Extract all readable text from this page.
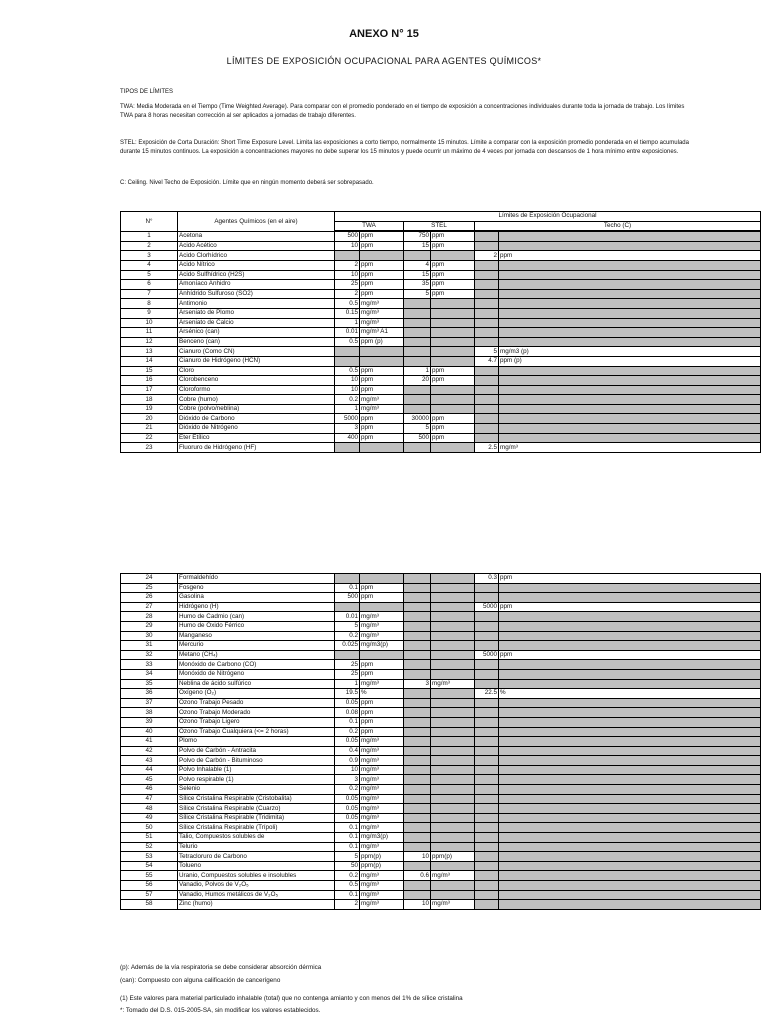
ANEXO N° 15
LÍMITES DE EXPOSICIÓN OCUPACIONAL PARA AGENTES QUÍMICOS*
TIPOS DE LÍMITES
TWA: Media Moderada en el Tiempo (Time Weighted Average). Para comparar con el promedio ponderado en el tiempo de exposición a concentraciones individuales durante toda la jornada de trabajo. Los límites TWA para 8 horas necesitan corrección al ser aplicados a jornadas de trabajo diferentes.
STEL: Exposición de Corta Duración: Short Time Exposure Level. Limita las exposiciones a corto tiempo, normalmente 15 minutos. Límite a comparar con la exposición promedio ponderada en el tiempo acumulada durante 15 minutos continuos. La exposición a concentraciones mayores no debe superar los 15 minutos y puede ocurrir un máximo de 4 veces por jornada con descansos de 1 hora mínimo entre exposiciones.
C: Ceiling. Nivel Techo de Exposición. Límite que en ningún momento deberá ser sobrepasado.
N°	Agentes Químicos (en el aire)	Límites de Exposición Ocupacional					
		TWA		STEL		Techo (C)	

1	Acetona	500	ppm	750	ppm		
2	Acido Acético	10	ppm	15	ppm		
3	Acido Clorhídrico					2	ppm
4	Acido Nítrico	2	ppm	4	ppm		
5	Acido Sulfhídrico (H2S)	10	ppm	15	ppm		
6	Amoníaco Anhidro	25	ppm	35	ppm		
7	Anhídrido Sulfuroso (SO2)	2	ppm	5	ppm		
8	Antimonio	0.5	mg/m³				
9	Arseniato de Plomo	0.15	mg/m³				
10	Arseniato de Calcio	1	mg/m³				
11	Arsénico (can)	0.01	mg/m³ A1				
12	Benceno (can)	0.5	ppm (p)				
13	Cianuro (Como CN)					5	mg/m3 (p)
14	Cianuro de Hidrógeno (HCN)					4.7	ppm (p)
15	Cloro	0.5	ppm	1	ppm		
16	Clorobenceno	10	ppm	20	ppm		
17	Cloroformo	10	ppm				
18	Cobre (humo)	0.2	mg/m³				
19	Cobre (polvo/neblina)	1	mg/m³				
20	Dióxido de Carbono	5000	ppm	30000	ppm		
21	Dióxido de Nitrógeno	3	ppm	5	ppm		
22	Eter Etílico	400	ppm	500	ppm		
23	Fluoruro de Hidrógeno (HF)					2.5	mg/m³
24	Formaldehído					0.3	ppm
25	Fosgeno	0.1	ppm				
26	Gasolina	500	ppm				
27	Hidrógeno (H)					5000	ppm
28	Humo de Cadmio (can)	0.01	mg/m³				
29	Humo de Óxido Férrico	5	mg/m³				
30	Manganeso	0.2	mg/m³				
31	Mercurio	0.025	mg/m3(p)				
32	Metano (CH₄)					5000	ppm
33	Monóxido de Carbono (CO)	25	ppm				
34	Monóxido de Nitrógeno	25	ppm				
35	Neblina de ácido sulfúrico	1	mg/m³	3	mg/m³		
36	Oxígeno (O₂)	19.5	%			22.5	%
37	Ozono Trabajo Pesado	0.05	ppm				
38	Ozono Trabajo Moderado	0.08	ppm				
39	Ozono Trabajo Ligero	0.1	ppm				
40	Ozono Trabajo Cualquiera (<= 2 horas)	0.2	ppm				
41	Plomo	0.05	mg/m³				
42	Polvo de Carbón - Antracita	0.4	mg/m³				
43	Polvo de Carbón - Bituminoso	0.9	mg/m³				
44	Polvo Inhalable (1)	10	mg/m³				
45	Polvo respirable (1)	3	mg/m³				
46	Selenio	0.2	mg/m³				
47	Sílice Cristalina Respirable (Cristobalita)	0.05	mg/m³				
48	Sílice Cristalina Respirable (Cuarzo)	0.05	mg/m³				
49	Sílice Cristalina Respirable (Tridimita)	0.05	mg/m³				
50	Sílice Cristalina Respirable (Trípoli)	0.1	mg/m³				
51	Talio, Compuestos solubles de	0.1	mg/m3(p)				
52	Telurio	0.1	mg/m³				
53	Tetracloruro de Carbono	5	ppm(p)	10	ppm(p)		
54	Tolueno	50	ppm(p)				
55	Uranio, Compuestos solubles e insolubles	0.2	mg/m³	0.6	mg/m³		
56	Vanadio, Polvos de V₂O₅	0.5	mg/m³				
57	Vanadio, Humos metálicos de V₂O₅	0.1	mg/m³				
58	Zinc (humo)	2	mg/m³	10	mg/m³		
(p): Además de la vía respiratoria se debe considerar absorción dérmica
(can): Compuesto con alguna calificación de cancerígeno
(1) Este valores para material particulado inhalable (total) que no contenga amianto y con menos del 1% de sílice cristalina
*: Tomado del D.S. 015-2005-SA, sin modificar los valores establecidos.
